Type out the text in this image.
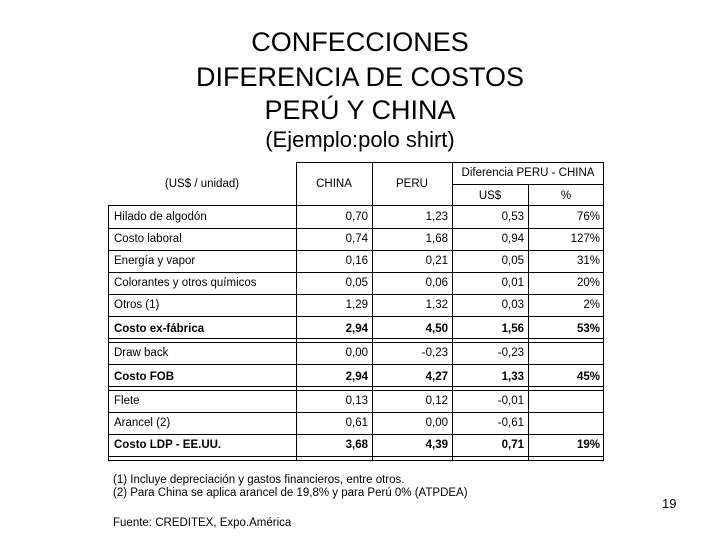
CONFECCIONES
DIFERENCIA DE COSTOS
PERÚ Y CHINA
(Ejemplo:polo shirt)
(US$ / unidad)	CHINA	PERU
Diferencia PERU - CHINA
US$	%
Hilado de algodón	0,70	1,23	0,53	76%
Costo laboral	0,74	1,68	0,94	127%
Energía y vapor	0,16	0,21	0,05	31%
Colorantes y otros químicos	0,05	0,06	0,01	20%
Otros (1)	1,29	1,32	0,03	2%
Costo ex-fábrica	2,94	4,50	1,56	53%
Draw back	0,00	-0,23	-0,23
Costo FOB	2,94	4,27	1,33	45%
Flete	0,13	0,12	-0,01
Arancel (2)	0,61	0,00	-0,61
Costo LDP - EE.UU.	3,68	4,39	0,71	19%
(1) Incluye depreciación y gastos financieros, entre otros.
(2) Para China se aplica arancel de 19,8% y para Perú 0% (ATPDEA)
Fuente: CREDITEX, Expo.América
19
